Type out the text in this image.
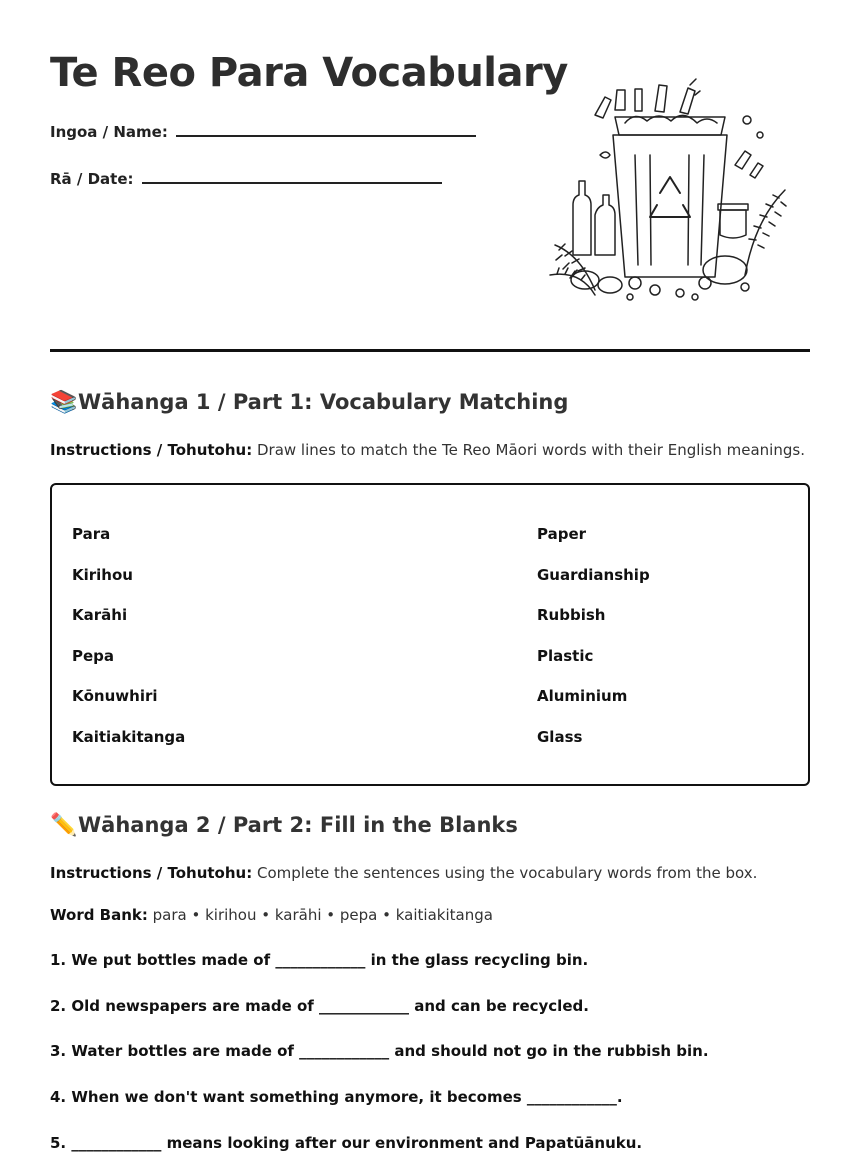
Te Reo Para Vocabulary
Ingoa / Name:
Rā / Date:
📚Wāhanga 1 / Part 1: Vocabulary Matching
Instructions / Tohutohu: Draw lines to match the Te Reo Māori words with their English meanings.
Para
Kirihou
Karāhi
Pepa
Kōnuwhiri
Kaitiakitanga
Paper
Guardianship
Rubbish
Plastic
Aluminium
Glass
✏️Wāhanga 2 / Part 2: Fill in the Blanks
Instructions / Tohutohu: Complete the sentences using the vocabulary words from the box.
Word Bank: para • kirihou • karāhi • pepa • kaitiakitanga
1. We put bottles made of ____________ in the glass recycling bin.
2. Old newspapers are made of ____________ and can be recycled.
3. Water bottles are made of ____________ and should not go in the rubbish bin.
4. When we don't want something anymore, it becomes ____________.
5. ____________ means looking after our environment and Papatūānuku.
